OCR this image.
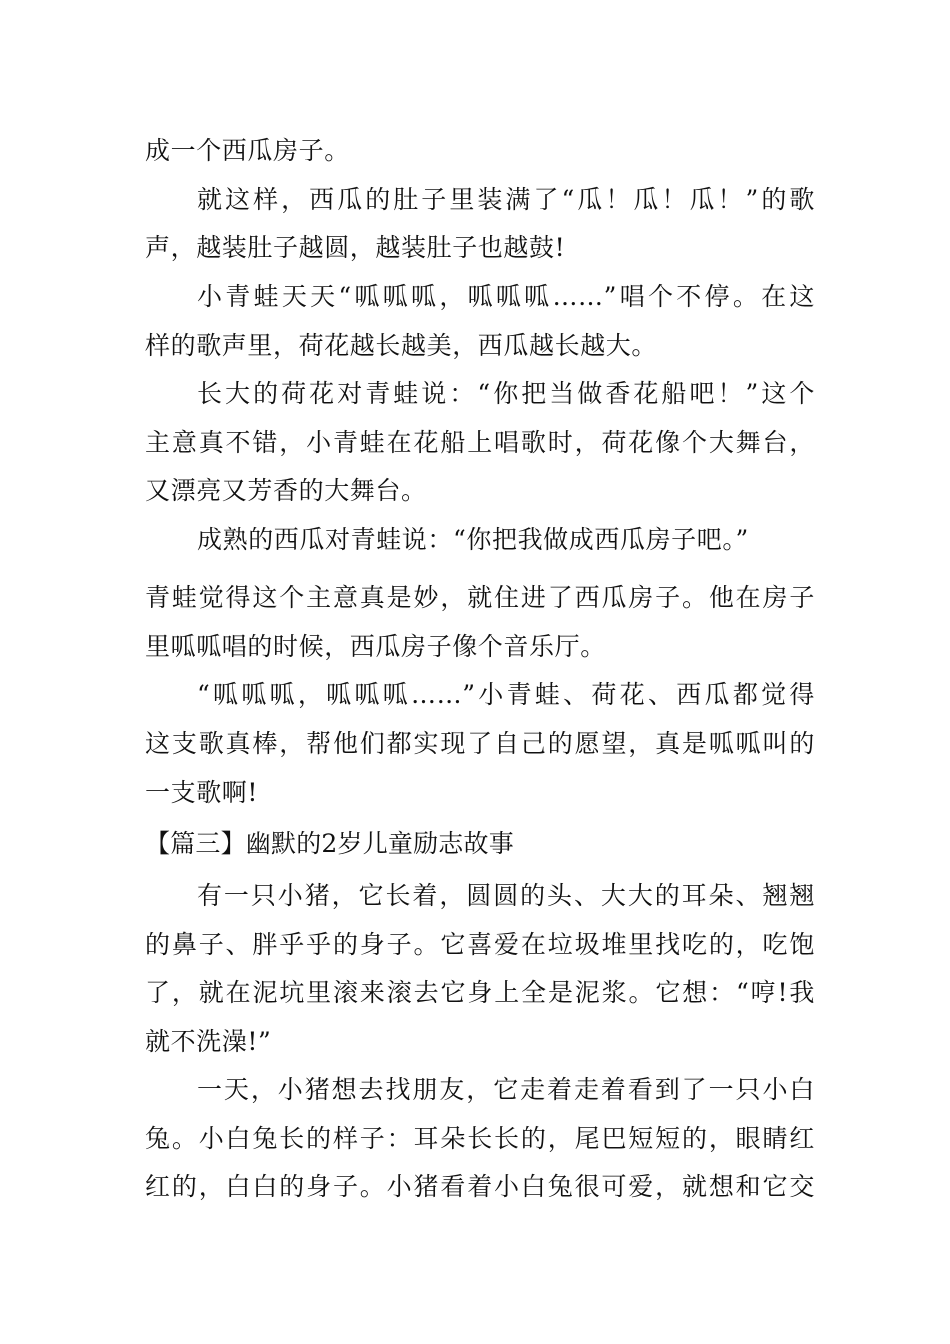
成一个西瓜房子。
就这样，西瓜的肚子里装满了“瓜！瓜！瓜！”的歌
声，越装肚子越圆，越装肚子也越鼓!
小青蛙天天“呱呱呱，呱呱呱……”唱个不停。在这
样的歌声里，荷花越长越美，西瓜越长越大。
长大的荷花对青蛙说：“你把当做香花船吧！”这个
主意真不错，小青蛙在花船上唱歌时，荷花像个大舞台，
又漂亮又芳香的大舞台。
成熟的西瓜对青蛙说：“你把我做成西瓜房子吧。”
青蛙觉得这个主意真是妙，就住进了西瓜房子。他在房子
里呱呱唱的时候，西瓜房子像个音乐厅。
“呱呱呱，呱呱呱……”小青蛙、荷花、西瓜都觉得
这支歌真棒，帮他们都实现了自己的愿望，真是呱呱叫的
一支歌啊!
【篇三】幽默的2岁儿童励志故事
有一只小猪，它长着，圆圆的头、大大的耳朵、翘翘
的鼻子、胖乎乎的身子。它喜爱在垃圾堆里找吃的，吃饱
了，就在泥坑里滚来滚去它身上全是泥浆。它想：“哼!我
就不洗澡!”
一天，小猪想去找朋友，它走着走着看到了一只小白
兔。小白兔长的样子：耳朵长长的，尾巴短短的，眼睛红
红的，白白的身子。小猪看着小白兔很可爱，就想和它交
